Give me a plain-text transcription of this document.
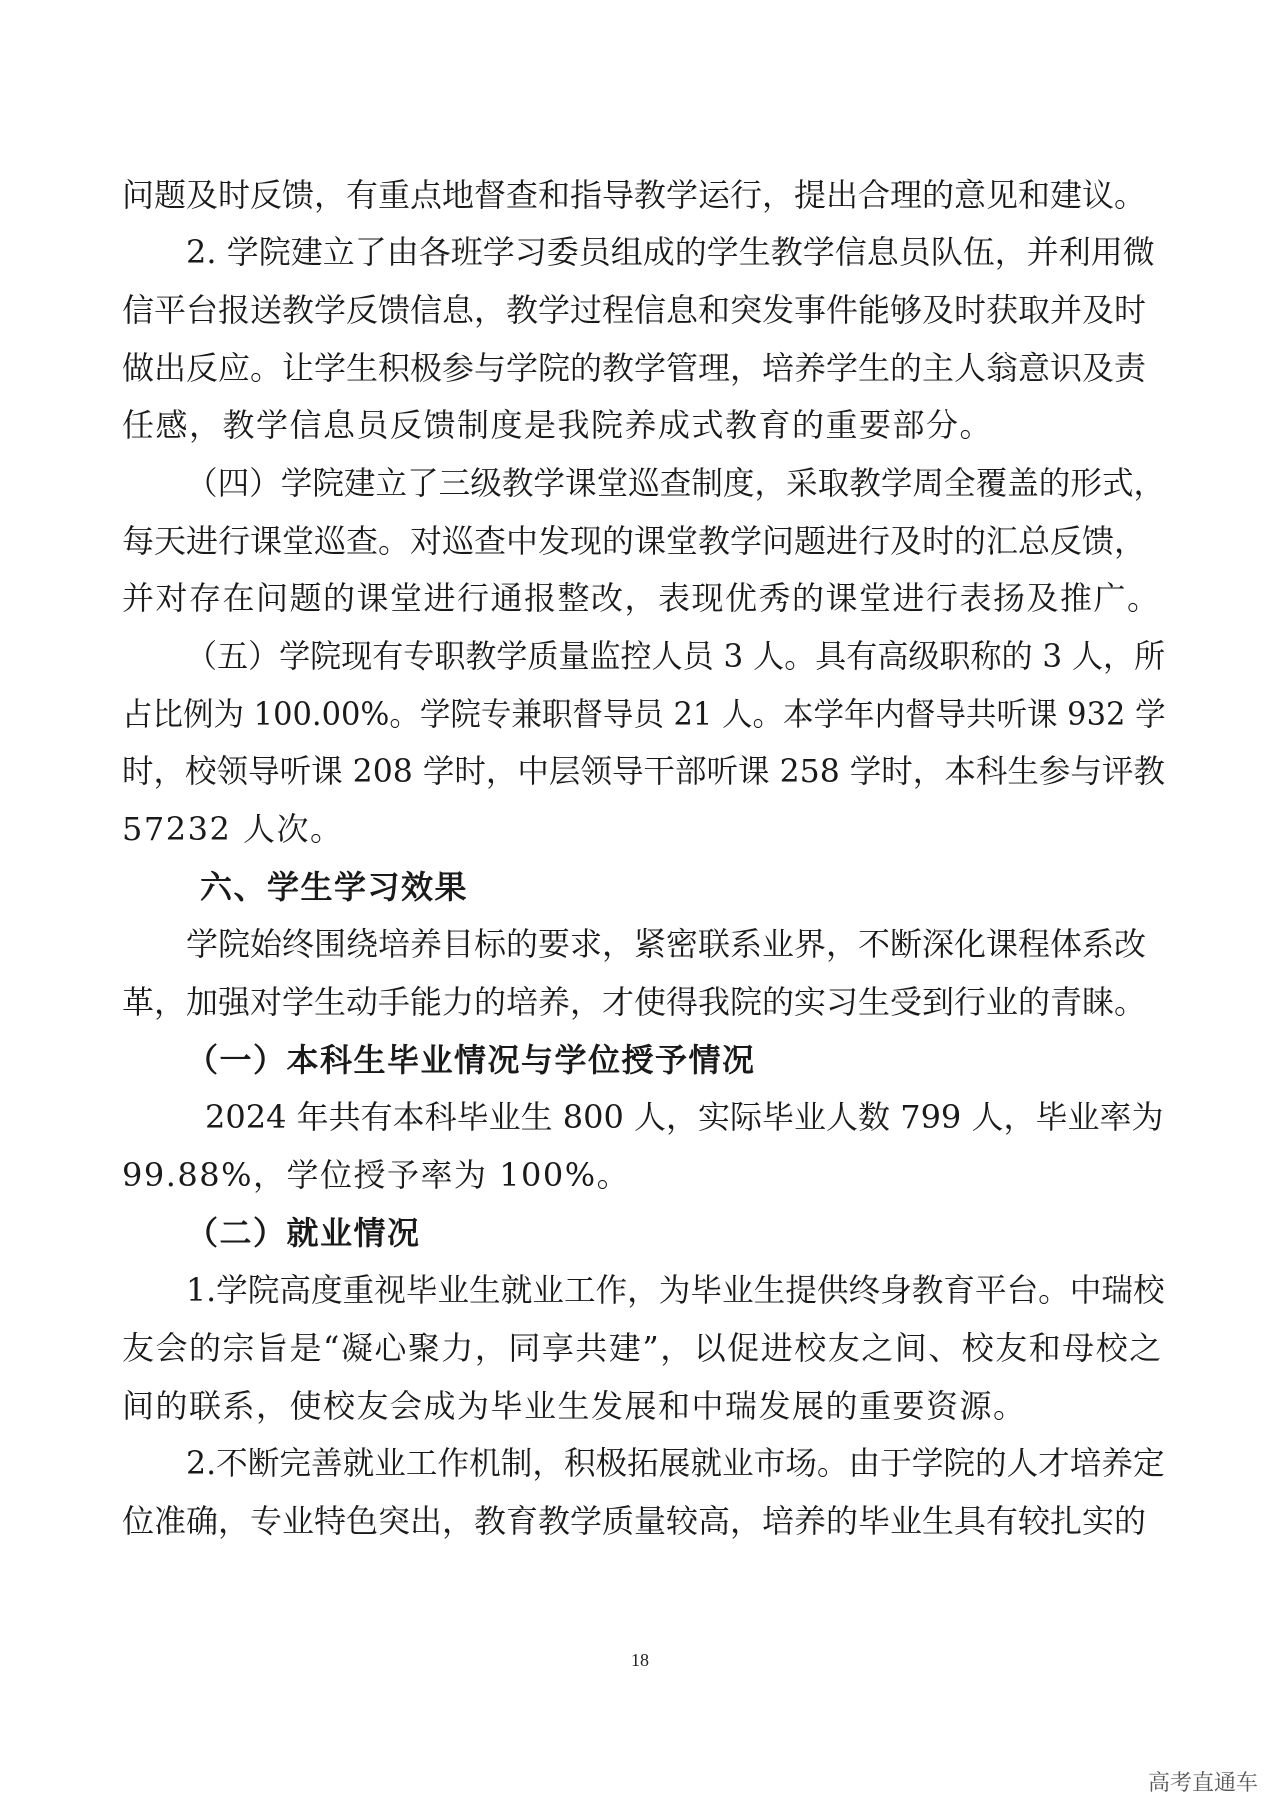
问题及时反馈，有重点地督查和指导教学运行，提出合理的意见和建议。
2. 学院建立了由各班学习委员组成的学生教学信息员队伍，并利用微
信平台报送教学反馈信息，教学过程信息和突发事件能够及时获取并及时
做出反应。让学生积极参与学院的教学管理，培养学生的主人翁意识及责
任感，教学信息员反馈制度是我院养成式教育的重要部分。
（四）学院建立了三级教学课堂巡查制度，采取教学周全覆盖的形式，
每天进行课堂巡查。对巡查中发现的课堂教学问题进行及时的汇总反馈，
并对存在问题的课堂进行通报整改，表现优秀的课堂进行表扬及推广。
（五）学院现有专职教学质量监控人员 3 人。具有高级职称的 3 人，所
占比例为 100.00%。学院专兼职督导员 21 人。本学年内督导共听课 932 学
时，校领导听课 208 学时，中层领导干部听课 258 学时，本科生参与评教
57232 人次。
六、学生学习效果
学院始终围绕培养目标的要求，紧密联系业界，不断深化课程体系改
革，加强对学生动手能力的培养，才使得我院的实习生受到行业的青睐。
（一）本科生毕业情况与学位授予情况
2024 年共有本科毕业生 800 人，实际毕业人数 799 人，毕业率为
99.88%，学位授予率为 100%。
（二）就业情况
1.学院高度重视毕业生就业工作，为毕业生提供终身教育平台。中瑞校
友会的宗旨是“凝心聚力，同享共建”，以促进校友之间、校友和母校之
间的联系，使校友会成为毕业生发展和中瑞发展的重要资源。
2.不断完善就业工作机制，积极拓展就业市场。由于学院的人才培养定
位准确，专业特色突出，教育教学质量较高，培养的毕业生具有较扎实的
18
高考直通车
